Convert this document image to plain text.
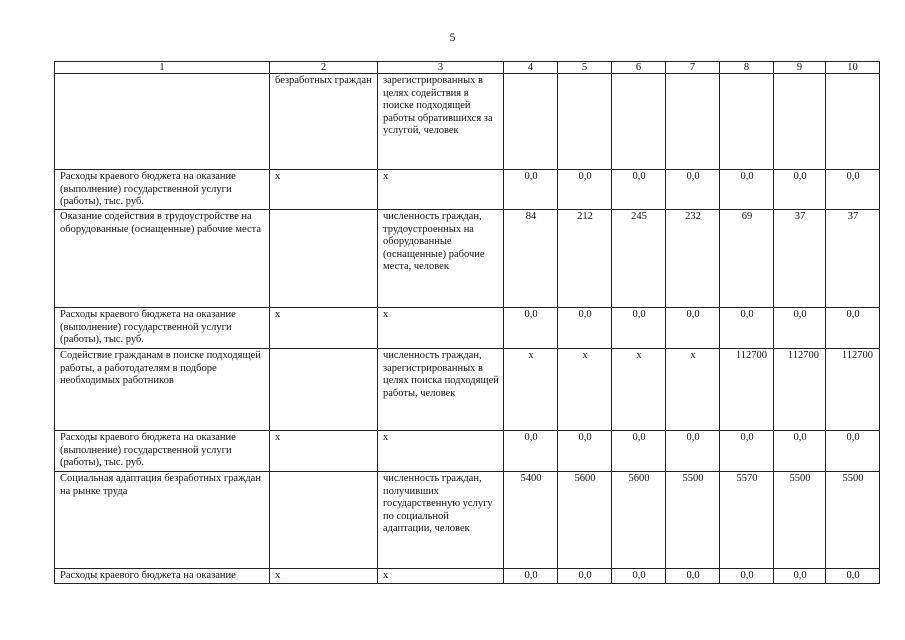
5
1	2	3	4	5	6	7	8	9	10
	безработных граждан	зарегистрированных в целях содействия в поиске подходящей работы обратившихся за услугой, человек							
Расходы краевого бюджета на оказание (выполнение) государственной услуги (работы), тыс. руб.	х	х	0,0	0,0	0,0	0,0	0,0	0,0	0,0
Оказание содействия в трудоустройстве на оборудованные (оснащенные) рабочие места		численность граждан, трудоустроенных на оборудованные (оснащенные) рабочие места, человек	84	212	245	232	69	37	37
Расходы краевого бюджета на оказание (выполнение) государственной услуги (работы), тыс. руб.	х	х	0,0	0,0	0,0	0,0	0,0	0,0	0,0
Содействие гражданам в поиске подходящей работы, а работодателям в подборе необходимых работников		численность граждан, зарегистрированных в целях поиска подходящей работы, человек	х	х	х	х	112700	112700	112700
Расходы краевого бюджета на оказание (выполнение) государственной услуги (работы), тыс. руб.	х	х	0,0	0,0	0,0	0,0	0,0	0,0	0,0
Социальная адаптация безработных граждан на рынке труда		численность граждан, получивших государственную услугу по социальной адаптации, человек	5400	5600	5600	5500	5570	5500	5500
Расходы краевого бюджета на оказание	х	х	0,0	0,0	0,0	0,0	0,0	0,0	0,0
